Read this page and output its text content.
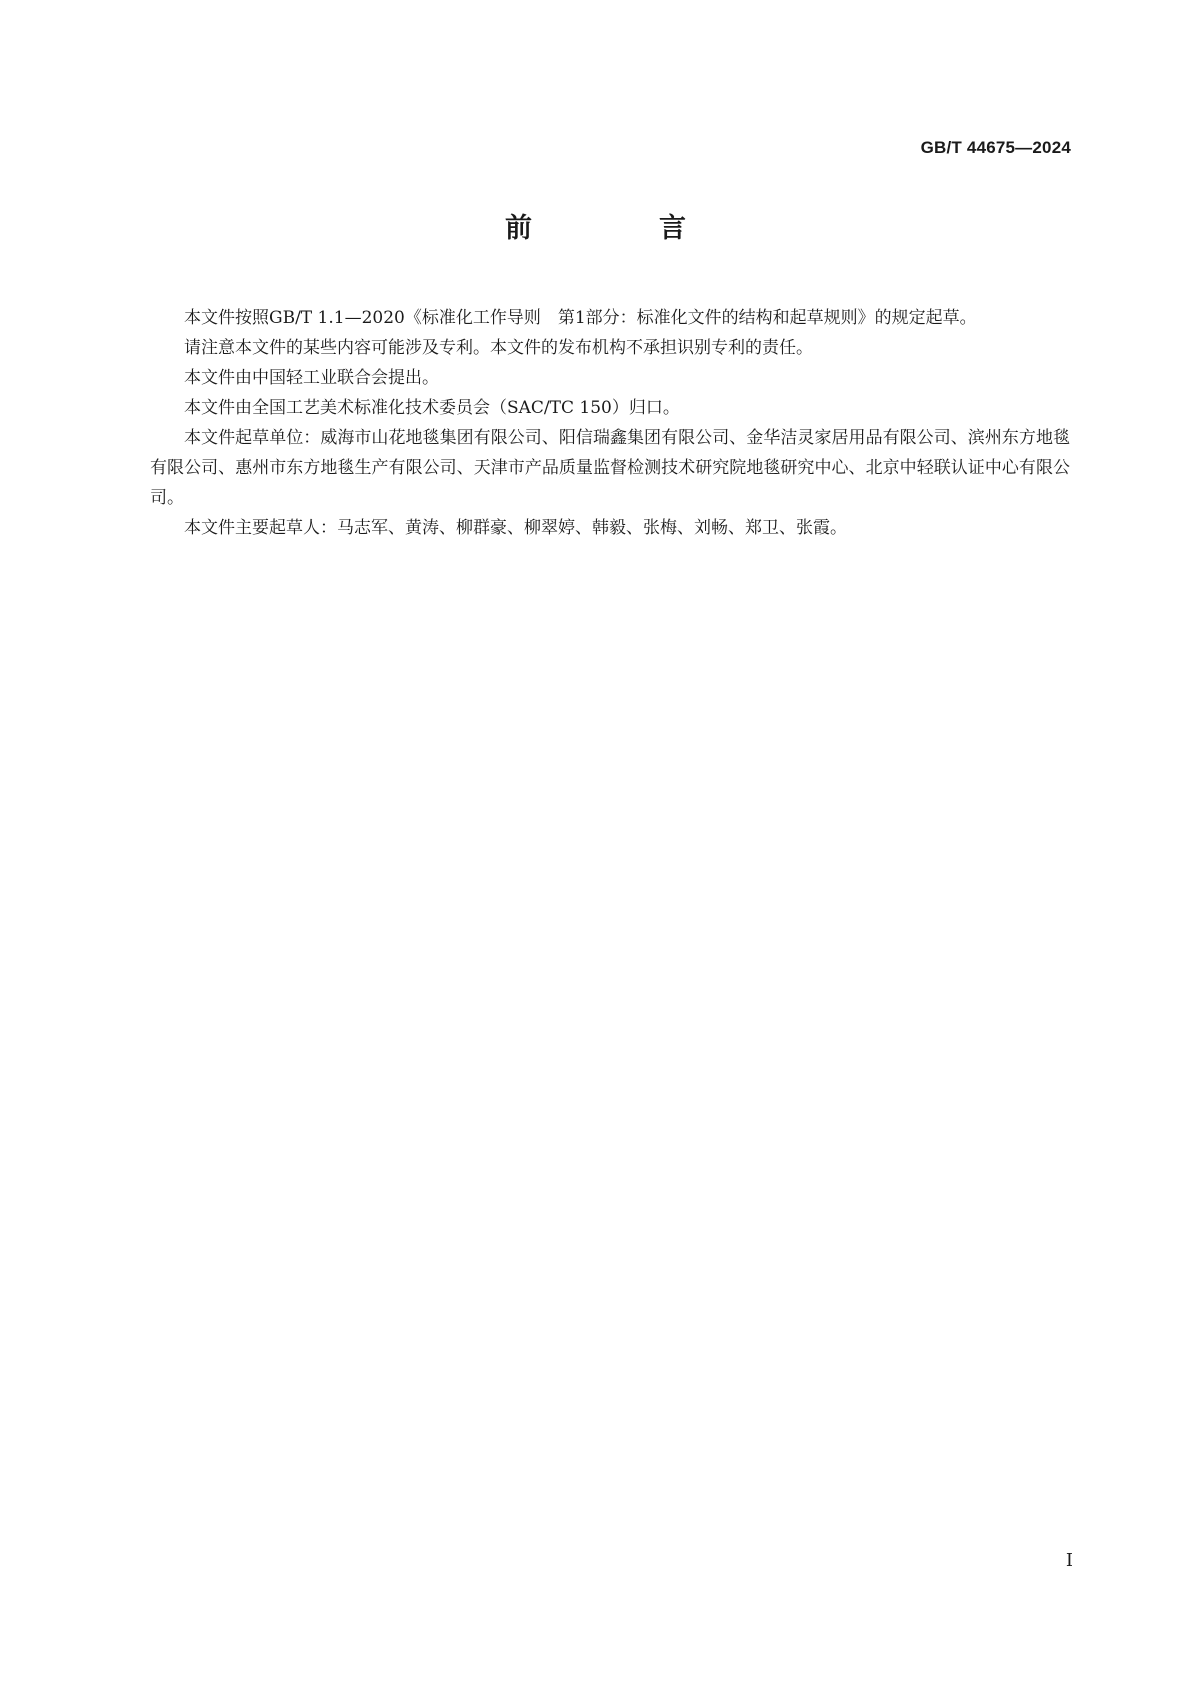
GB/T 44675—2024
前　言

本文件按照GB/T 1.1—2020《标准化工作导则　第1部分：标准化文件的结构和起草规则》的规定起草。

请注意本文件的某些内容可能涉及专利。本文件的发布机构不承担识别专利的责任。

本文件由中国轻工业联合会提出。

本文件由全国工艺美术标准化技术委员会（SAC/TC 150）归口。

本文件起草单位：威海市山花地毯集团有限公司、阳信瑞鑫集团有限公司、金华洁灵家居用品有限公司、滨州东方地毯有限公司、惠州市东方地毯生产有限公司、天津市产品质量监督检测技术研究院地毯研究中心、北京中轻联认证中心有限公司。

本文件主要起草人：马志军、黄涛、柳群豪、柳翠婷、韩毅、张梅、刘畅、郑卫、张霞。

I
